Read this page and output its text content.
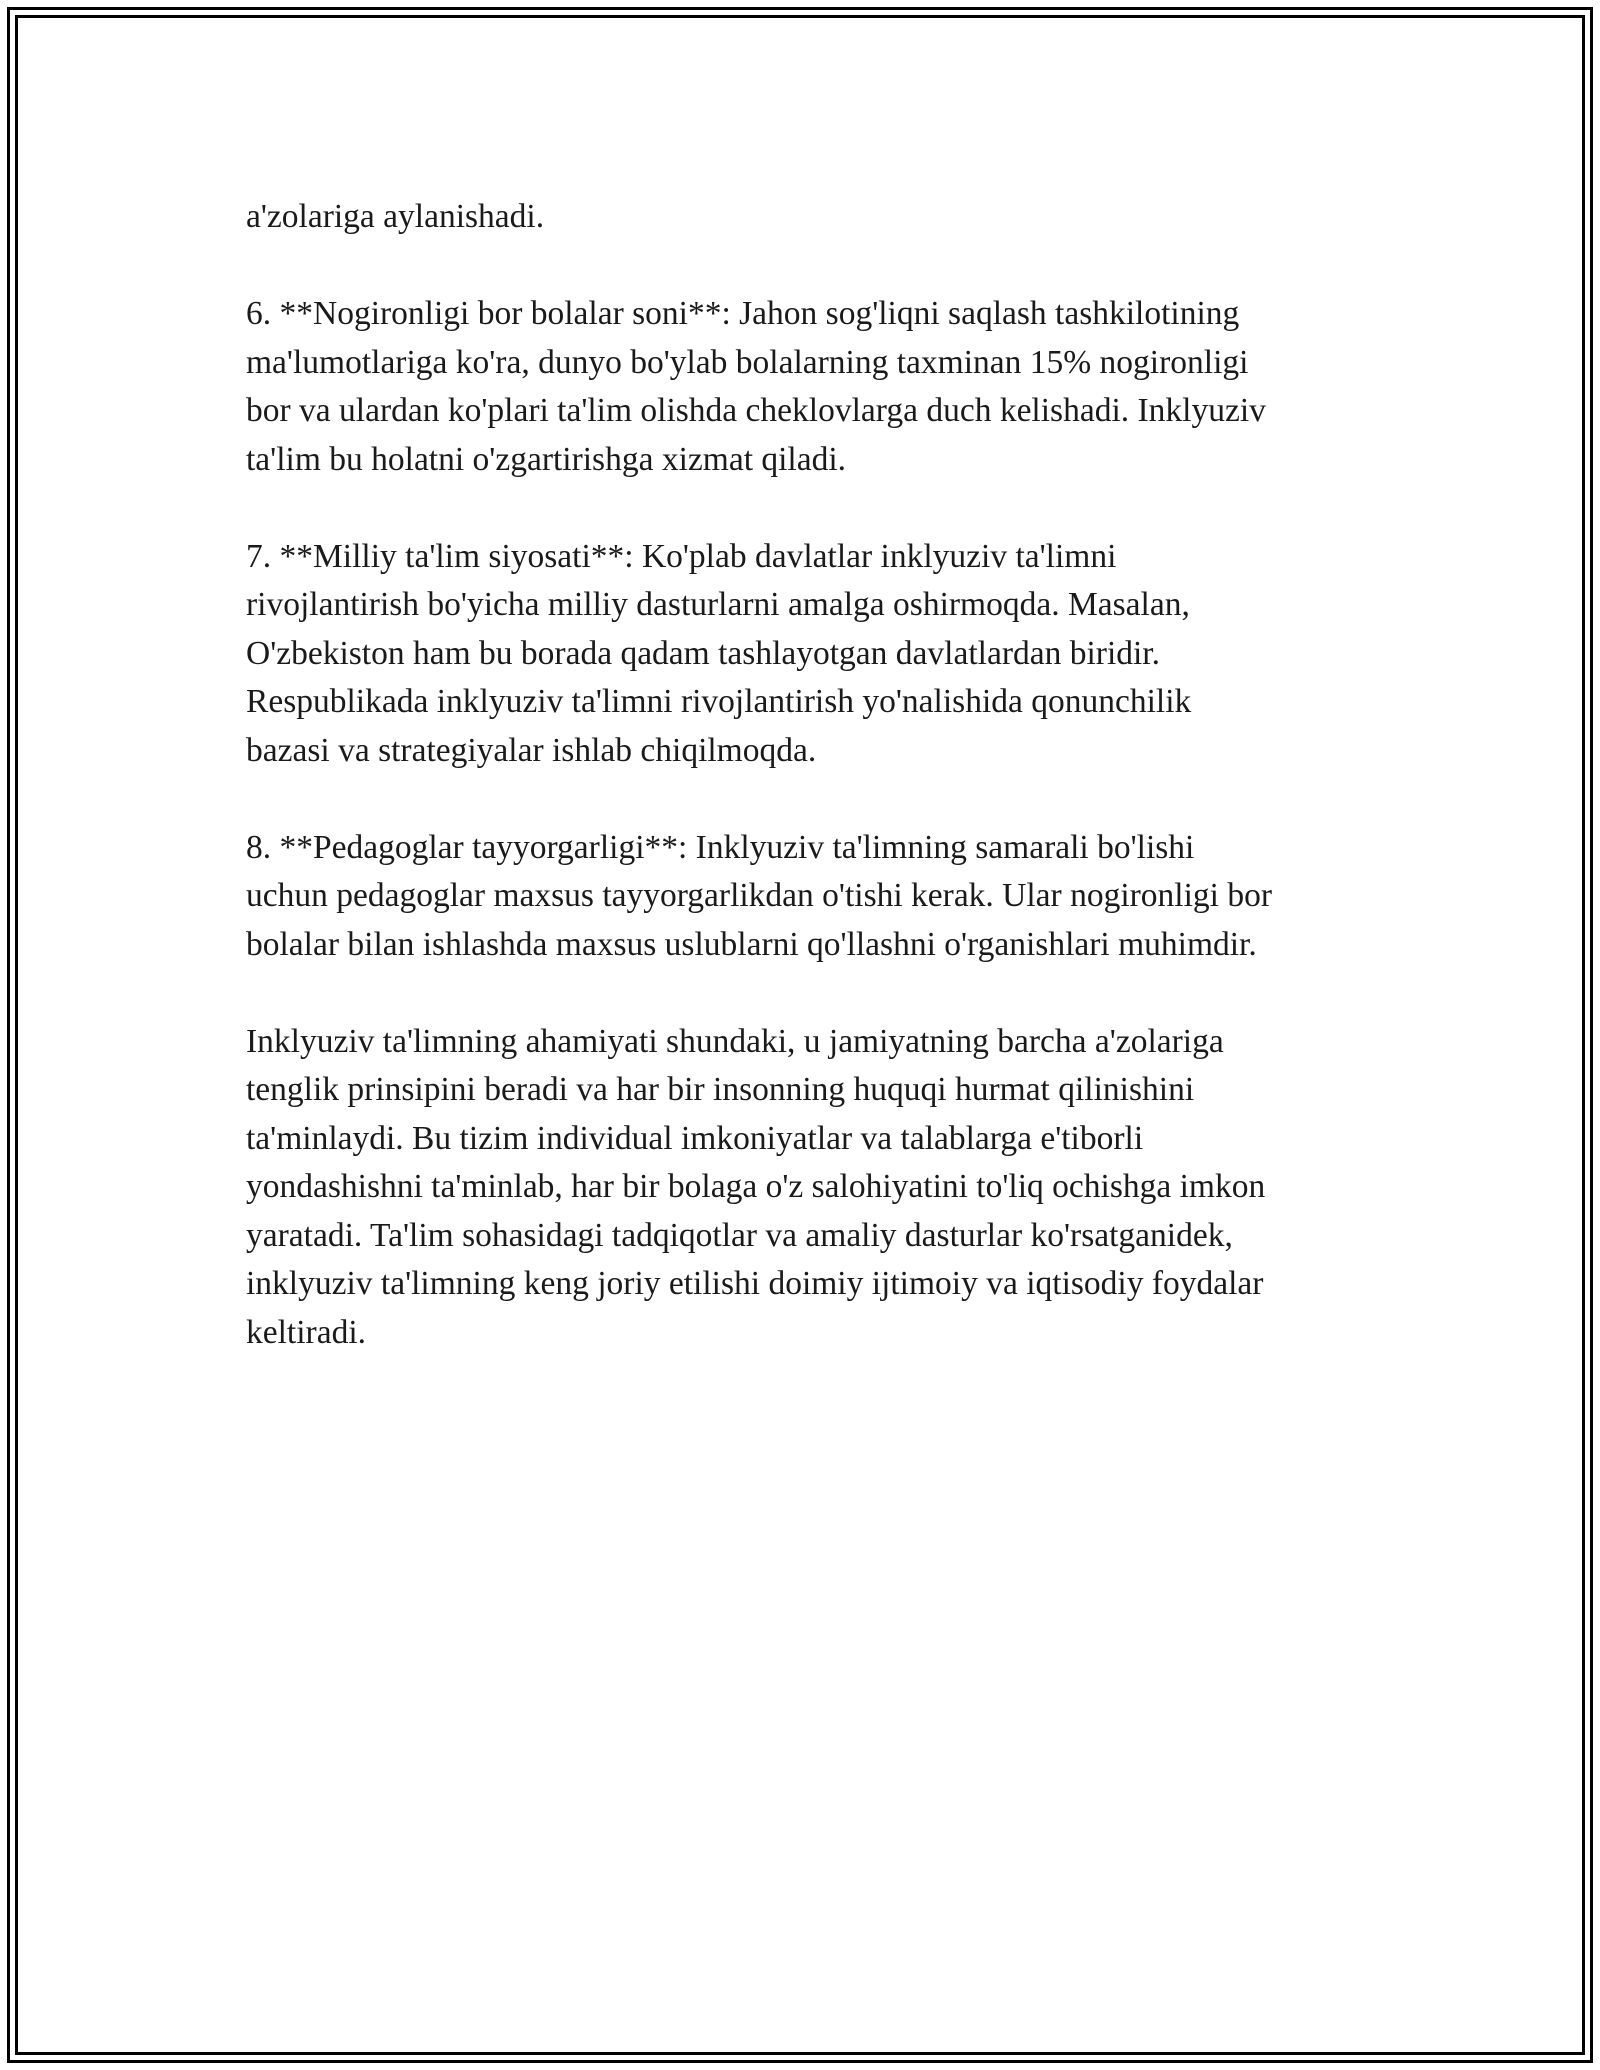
a'zolariga aylanishadi.

6. **Nogironligi bor bolalar soni**: Jahon sog'liqni saqlash tashkilotining
ma'lumotlariga ko'ra, dunyo bo'ylab bolalarning taxminan 15% nogironligi
bor va ulardan ko'plari ta'lim olishda cheklovlarga duch kelishadi. Inklyuziv
ta'lim bu holatni o'zgartirishga xizmat qiladi.

7. **Milliy ta'lim siyosati**: Ko'plab davlatlar inklyuziv ta'limni
rivojlantirish bo'yicha milliy dasturlarni amalga oshirmoqda. Masalan,
O'zbekiston ham bu borada qadam tashlayotgan davlatlardan biridir.
Respublikada inklyuziv ta'limni rivojlantirish yo'nalishida qonunchilik
bazasi va strategiyalar ishlab chiqilmoqda.

8. **Pedagoglar tayyorgarligi**: Inklyuziv ta'limning samarali bo'lishi
uchun pedagoglar maxsus tayyorgarlikdan o'tishi kerak. Ular nogironligi bor
bolalar bilan ishlashda maxsus uslublarni qo'llashni o'rganishlari muhimdir.

Inklyuziv ta'limning ahamiyati shundaki, u jamiyatning barcha a'zolariga
tenglik prinsipini beradi va har bir insonning huquqi hurmat qilinishini
ta'minlaydi. Bu tizim individual imkoniyatlar va talablarga e'tiborli
yondashishni ta'minlab, har bir bolaga o'z salohiyatini to'liq ochishga imkon
yaratadi. Ta'lim sohasidagi tadqiqotlar va amaliy dasturlar ko'rsatganidek,
inklyuziv ta'limning keng joriy etilishi doimiy ijtimoiy va iqtisodiy foydalar
keltiradi.
